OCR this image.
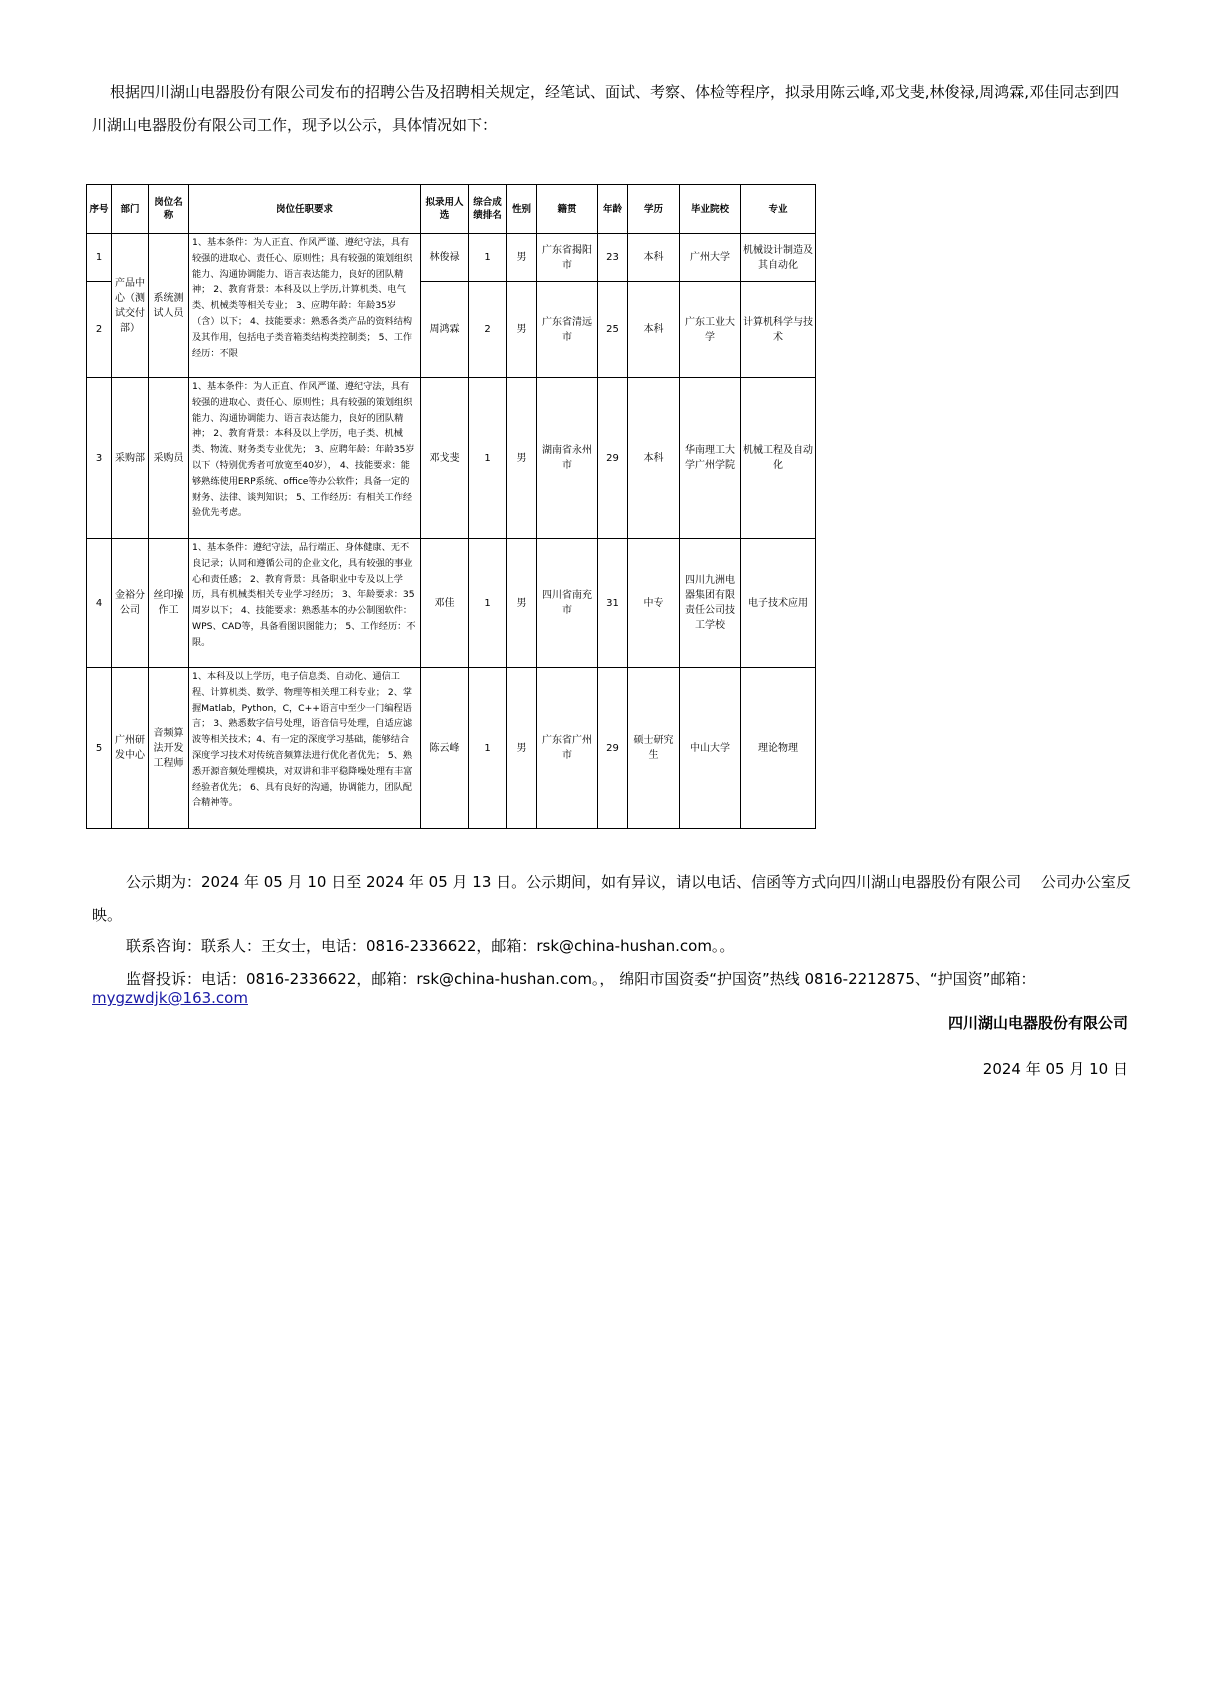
根据四川湖山电器股份有限公司发布的招聘公告及招聘相关规定，经笔试、面试、考察、体检等程序，拟录用陈云峰,邓戈斐,林俊禄,周鸿霖,邓佳同志到四川湖山电器股份有限公司工作，现予以公示，具体情况如下：
序号	部门	岗位名称	岗位任职要求	拟录用人选	综合成绩排名	性别	籍贯	年龄	学历	毕业院校	专业
1	产品中心（测试交付部）	系统测试人员	1、基本条件：为人正直、作风严谨、遵纪守法，具有较强的进取心、责任心、原则性；具有较强的策划组织能力、沟通协调能力、语言表达能力，良好的团队精神； 2、教育背景：本科及以上学历,计算机类、电气类、机械类等相关专业； 3、应聘年龄：年龄35岁（含）以下； 4、技能要求：熟悉各类产品的资料结构及其作用，包括电子类音箱类结构类控制类； 5、工作经历：不限	林俊禄	1	男	广东省揭阳市	23	本科	广州大学	机械设计制造及其自动化
2				周鸿霖	2	男	广东省清远市	25	本科	广东工业大学	计算机科学与技术
3	采购部	采购员	1、基本条件：为人正直、作风严谨、遵纪守法，具有较强的进取心、责任心、原则性；具有较强的策划组织能力、沟通协调能力、语言表达能力，良好的团队精神； 2、教育背景：本科及以上学历，电子类、机械类、物流、财务类专业优先； 3、应聘年龄：年龄35岁以下（特别优秀者可放宽至40岁）， 4、技能要求：能够熟练使用ERP系统、office等办公软件；具备一定的财务、法律、谈判知识； 5、工作经历：有相关工作经验优先考虑。	邓戈斐	1	男	湖南省永州市	29	本科	华南理工大学广州学院	机械工程及自动化
4	金裕分公司	丝印操作工	1、基本条件：遵纪守法，品行端正、身体健康、无不良记录；认同和遵循公司的企业文化，具有较强的事业心和责任感； 2、教育背景：具备职业中专及以上学历，具有机械类相关专业学习经历； 3、年龄要求：35周岁以下； 4、技能要求：熟悉基本的办公制图软件：WPS、CAD等，具备看图识图能力； 5、工作经历：不限。	邓佳	1	男	四川省南充市	31	中专	四川九洲电器集团有限责任公司技工学校	电子技术应用
5	广州研发中心	音频算法开发工程师	1、本科及以上学历，电子信息类、自动化、通信工程、计算机类、数学、物理等相关理工科专业； 2、掌握Matlab，Python，C，C++语言中至少一门编程语言； 3、熟悉数字信号处理，语音信号处理，自适应滤波等相关技术；4、有一定的深度学习基础，能够结合深度学习技术对传统音频算法进行优化者优先； 5、熟悉开源音频处理模块，对双讲和非平稳降噪处理有丰富经验者优先； 6、具有良好的沟通，协调能力，团队配合精神等。	陈云峰	1	男	广东省广州市	29	硕士研究生	中山大学	理论物理
公示期为：2024 年 05 月 10 日至 2024 年 05 月 13 日。公示期间，如有异议，请以电话、信函等方式向四川湖山电器股份有限公司　 公司办公室反映。
联系咨询：联系人：王女士，电话：0816-2336622，邮箱：rsk@china-hushan.com。。
监督投诉：电话：0816-2336622，邮箱：rsk@china-hushan.com。， 绵阳市国资委“护国资”热线 0816-2212875、“护国资”邮箱：mygzwdjk@163.com
四川湖山电器股份有限公司
2024 年 05 月 10 日
